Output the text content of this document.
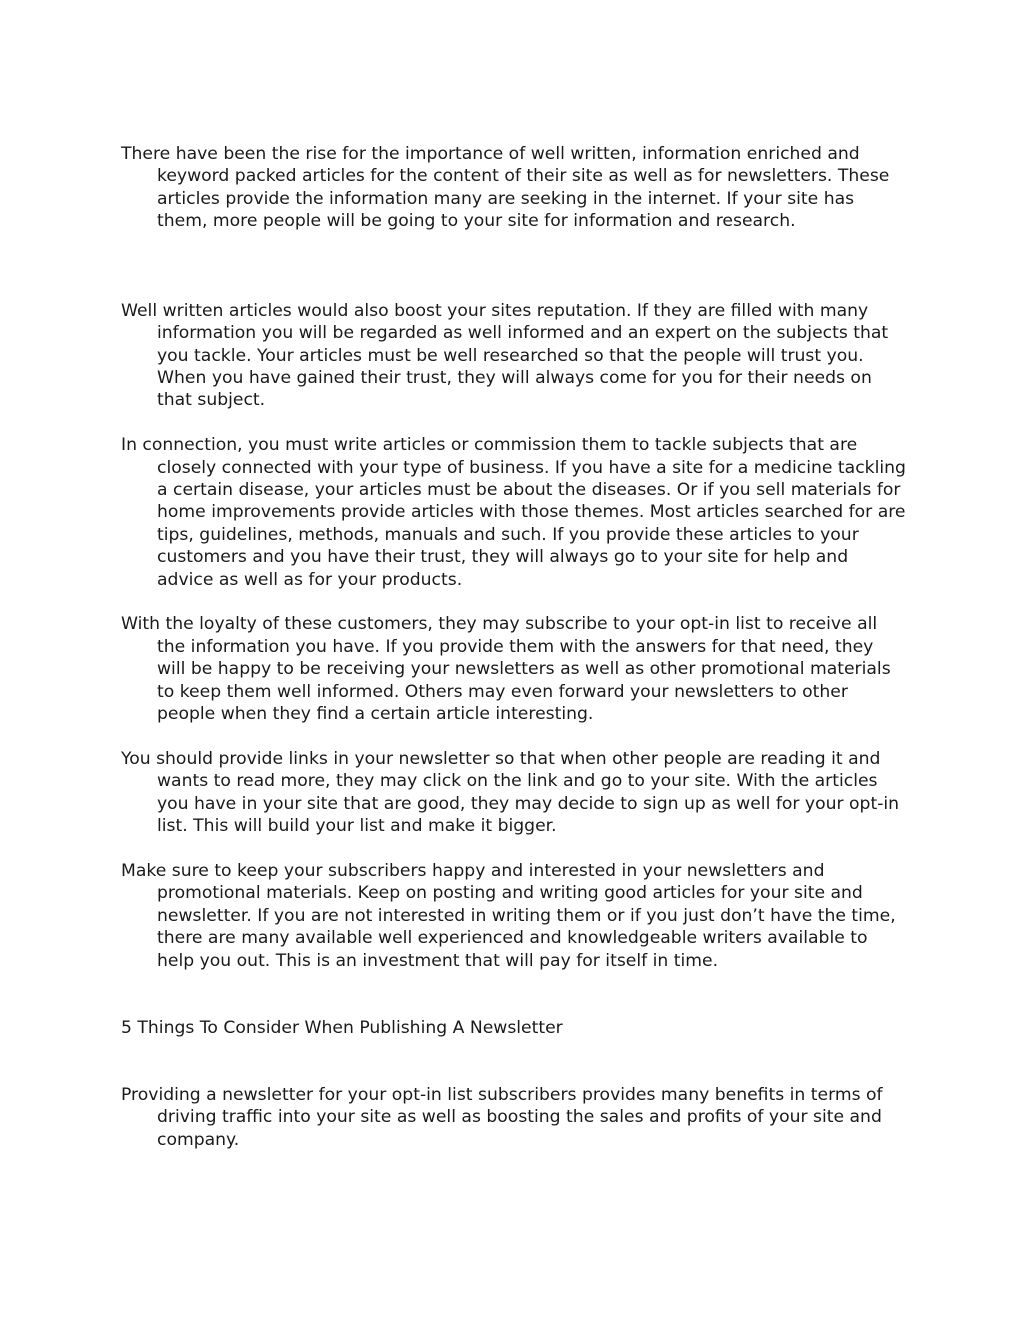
There have been the rise for the importance of well written, information enriched and keyword packed articles for the content of their site as well as for newsletters. These articles provide the information many are seeking in the internet. If your site has them, more people will be going to your site for information and research.

Well written articles would also boost your sites reputation. If they are filled with many information you will be regarded as well informed and an expert on the subjects that you tackle. Your articles must be well researched so that the people will trust you. When you have gained their trust, they will always come for you for their needs on that subject.

In connection, you must write articles or commission them to tackle subjects that are closely connected with your type of business. If you have a site for a medicine tackling a certain disease, your articles must be about the diseases. Or if you sell materials for home improvements provide articles with those themes. Most articles searched for are tips, guidelines, methods, manuals and such. If you provide these articles to your customers and you have their trust, they will always go to your site for help and advice as well as for your products.

With the loyalty of these customers, they may subscribe to your opt-in list to receive all the information you have. If you provide them with the answers for that need, they will be happy to be receiving your newsletters as well as other promotional materials to keep them well informed. Others may even forward your newsletters to other people when they find a certain article interesting.

You should provide links in your newsletter so that when other people are reading it and wants to read more, they may click on the link and go to your site. With the articles you have in your site that are good, they may decide to sign up as well for your opt-in list. This will build your list and make it bigger.

Make sure to keep your subscribers happy and interested in your newsletters and promotional materials. Keep on posting and writing good articles for your site and newsletter. If you are not interested in writing them or if you just don’t have the time, there are many available well experienced and knowledgeable writers available to help you out. This is an investment that will pay for itself in time.

5 Things To Consider When Publishing A Newsletter

Providing a newsletter for your opt-in list subscribers provides many benefits in terms of driving traffic into your site as well as boosting the sales and profits of your site and company.
